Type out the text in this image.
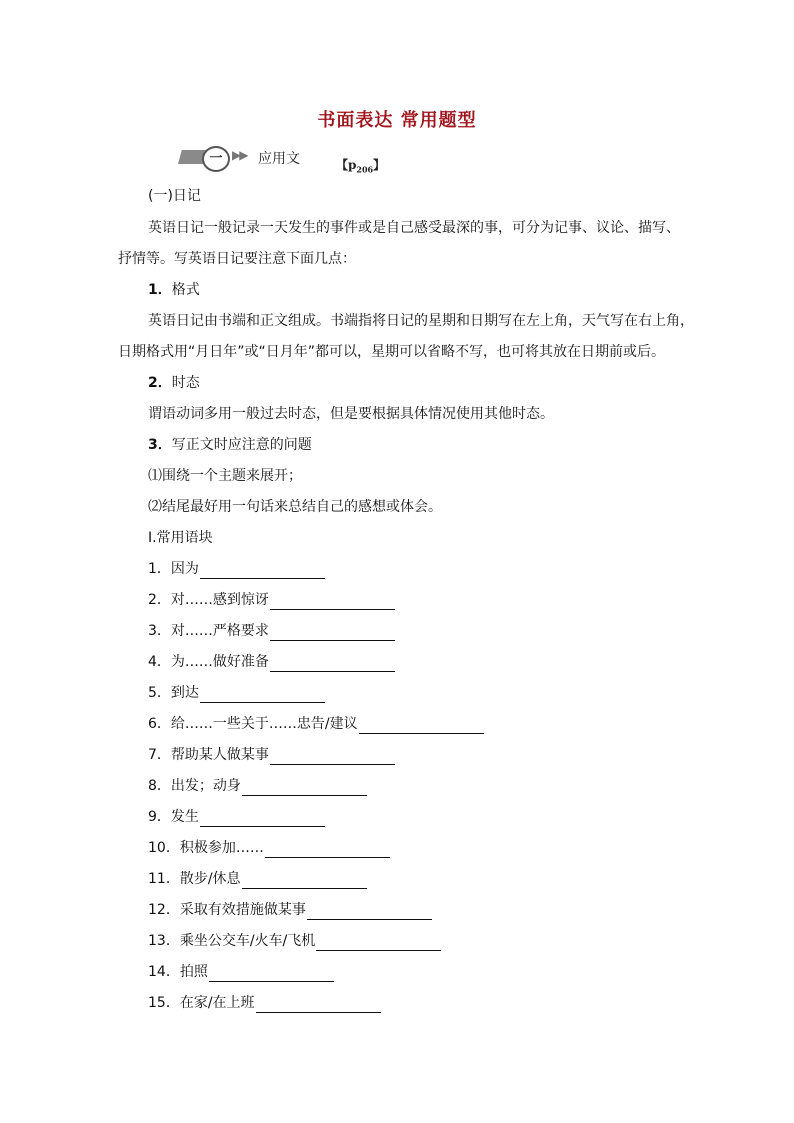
书面表达 常用题型
一 ▶▶ 应用文	【$p_{206}$】
(一)日记
英语日记一般记录一天发生的事件或是自己感受最深的事，可分为记事、议论、描写、
抒情等。写英语日记要注意下面几点：
1．格式
英语日记由书端和正文组成。书端指将日记的星期和日期写在左上角，天气写在右上角，
日期格式用“月日年”或“日月年”都可以，星期可以省略不写，也可将其放在日期前或后。
2．时态
谓语动词多用一般过去时态，但是要根据具体情况使用其他时态。
3．写正文时应注意的问题
⑴围绕一个主题来展开；
⑵结尾最好用一句话来总结自己的感想或体会。
Ⅰ.常用语块
1．因为
2．对……感到惊讶
3．对……严格要求
4．为……做好准备
5．到达
6．给……一些关于……忠告/建议
7．帮助某人做某事
8．出发；动身
9．发生
10．积极参加……
11．散步/休息
12．采取有效措施做某事
13．乘坐公交车/火车/飞机
14．拍照
15．在家/在上班
